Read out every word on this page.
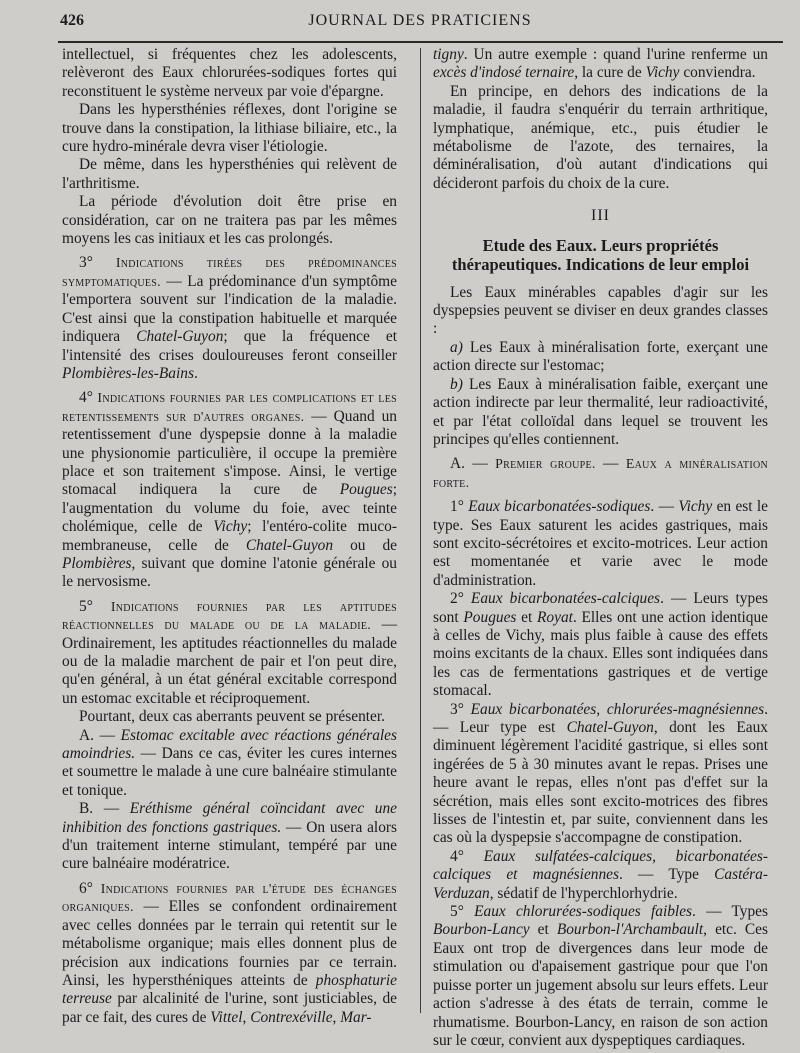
426	JOURNAL DES PRATICIENS

intellectuel, si fréquentes chez les adolescents, relèveront des Eaux chlorurées-sodiques fortes qui reconstituent le système nerveux par voie d'épargne.

Dans les hypersthénies réflexes, dont l'origine se trouve dans la constipation, la lithiase biliaire, etc., la cure hydro-minérale devra viser l'étiologie.

De même, dans les hypersthénies qui relèvent de l'arthritisme.

La période d'évolution doit être prise en considération, car on ne traitera pas par les mêmes moyens les cas initiaux et les cas prolongés.

3° Indications tirées des prédominances symptomatiques. — La prédominance d'un symptôme l'emportera souvent sur l'indication de la maladie. C'est ainsi que la constipation habituelle et marquée indiquera Chatel-Guyon; que la fréquence et l'intensité des crises douloureuses feront conseiller Plombières-les-Bains.

4° Indications fournies par les complications et les retentissements sur d'autres organes. — Quand un retentissement d'une dyspepsie donne à la maladie une physionomie particulière, il occupe la première place et son traitement s'impose. Ainsi, le vertige stomacal indiquera la cure de Pougues; l'augmentation du volume du foie, avec teinte cholémique, celle de Vichy; l'entéro-colite muco-membraneuse, celle de Chatel-Guyon ou de Plombières, suivant que domine l'atonie générale ou le nervosisme.

5° Indications fournies par les aptitudes réactionnelles du malade ou de la maladie. — Ordinairement, les aptitudes réactionnelles du malade ou de la maladie marchent de pair et l'on peut dire, qu'en général, à un état général excitable correspond un estomac excitable et réciproquement.

Pourtant, deux cas aberrants peuvent se présenter.

A. — Estomac excitable avec réactions générales amoindries. — Dans ce cas, éviter les cures internes et soumettre le malade à une cure balnéaire stimulante et tonique.

B. — Eréthisme général coïncidant avec une inhibition des fonctions gastriques. — On usera alors d'un traitement interne stimulant, tempéré par une cure balnéaire modératrice.

6° Indications fournies par l'étude des échanges organiques. — Elles se confondent ordinairement avec celles données par le terrain qui retentit sur le métabolisme organique; mais elles donnent plus de précision aux indications fournies par ce terrain. Ainsi, les hypersthéniques atteints de phosphaturie terreuse par alcalinité de l'urine, sont justiciables, de par ce fait, des cures de Vittel, Contrexéville, Mar-

tigny. Un autre exemple : quand l'urine renferme un excès d'indosé ternaire, la cure de Vichy conviendra.

En principe, en dehors des indications de la maladie, il faudra s'enquérir du terrain arthritique, lymphatique, anémique, etc., puis étudier le métabolisme de l'azote, des ternaires, la déminéralisation, d'où autant d'indications qui décideront parfois du choix de la cure.

III
Etude des Eaux. Leurs propriétés thérapeutiques. Indications de leur emploi

Les Eaux minérables capables d'agir sur les dyspepsies peuvent se diviser en deux grandes classes :

a) Les Eaux à minéralisation forte, exerçant une action directe sur l'estomac;

b) Les Eaux à minéralisation faible, exerçant une action indirecte par leur thermalité, leur radioactivité, et par l'état colloïdal dans lequel se trouvent les principes qu'elles contiennent.

A. — Premier groupe. — Eaux a minéralisation forte.

1° Eaux bicarbonatées-sodiques. — Vichy en est le type. Ses Eaux saturent les acides gastriques, mais sont excito-sécrétoires et excito-motrices. Leur action est momentanée et varie avec le mode d'administration.

2° Eaux bicarbonatées-calciques. — Leurs types sont Pougues et Royat. Elles ont une action identique à celles de Vichy, mais plus faible à cause des effets moins excitants de la chaux. Elles sont indiquées dans les cas de fermentations gastriques et de vertige stomacal.

3° Eaux bicarbonatées, chlorurées-magnésiennes. — Leur type est Chatel-Guyon, dont les Eaux diminuent légèrement l'acidité gastrique, si elles sont ingérées de 5 à 30 minutes avant le repas. Prises une heure avant le repas, elles n'ont pas d'effet sur la sécrétion, mais elles sont excito-motrices des fibres lisses de l'intestin et, par suite, conviennent dans les cas où la dyspepsie s'accompagne de constipation.

4° Eaux sulfatées-calciques, bicarbonatées-calciques et magnésiennes. — Type Castéra-Verduzan, sédatif de l'hyperchlorhydrie.

5° Eaux chlorurées-sodiques faibles. — Types Bourbon-Lancy et Bourbon-l'Archambault, etc. Ces Eaux ont trop de divergences dans leur mode de stimulation ou d'apaisement gastrique pour que l'on puisse porter un jugement absolu sur leurs effets. Leur action s'adresse à des états de terrain, comme le rhumatisme. Bourbon-Lancy, en raison de son action sur le cœur, convient aux dyspeptiques cardiaques.
